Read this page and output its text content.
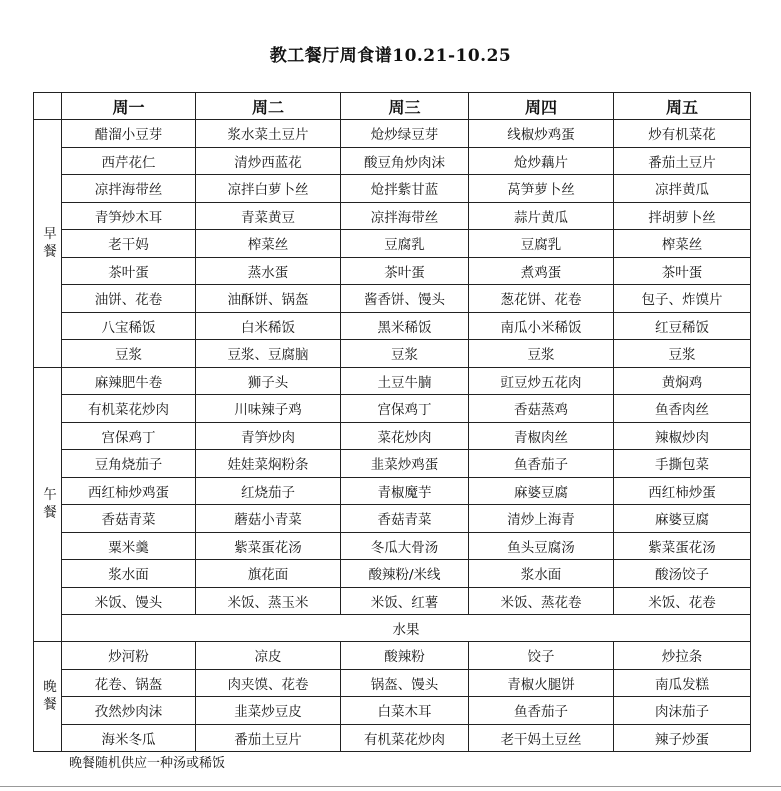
教工餐厅周食谱10.21-10.25
	周一	周二	周三	周四	周五
早餐	醋溜小豆芽	浆水菜土豆片	炝炒绿豆芽	线椒炒鸡蛋	炒有机菜花
	西芹花仁	清炒西蓝花	酸豆角炒肉沫	炝炒藕片	番茄土豆片
	凉拌海带丝	凉拌白萝卜丝	炝拌紫甘蓝	莴笋萝卜丝	凉拌黄瓜
	青笋炒木耳	青菜黄豆	凉拌海带丝	蒜片黄瓜	拌胡萝卜丝
	老干妈	榨菜丝	豆腐乳	豆腐乳	榨菜丝
	茶叶蛋	蒸水蛋	茶叶蛋	煮鸡蛋	茶叶蛋
	油饼、花卷	油酥饼、锅盔	酱香饼、馒头	葱花饼、花卷	包子、炸馍片
	八宝稀饭	白米稀饭	黑米稀饭	南瓜小米稀饭	红豆稀饭
	豆浆	豆浆、豆腐脑	豆浆	豆浆	豆浆
午餐	麻辣肥牛卷	狮子头	土豆牛腩	豇豆炒五花肉	黄焖鸡
	有机菜花炒肉	川味辣子鸡	宫保鸡丁	香菇蒸鸡	鱼香肉丝
	宫保鸡丁	青笋炒肉	菜花炒肉	青椒肉丝	辣椒炒肉
	豆角烧茄子	娃娃菜焖粉条	韭菜炒鸡蛋	鱼香茄子	手撕包菜
	西红柿炒鸡蛋	红烧茄子	青椒魔芋	麻婆豆腐	西红柿炒蛋
	香菇青菜	蘑菇小青菜	香菇青菜	清炒上海青	麻婆豆腐
	粟米羹	紫菜蛋花汤	冬瓜大骨汤	鱼头豆腐汤	紫菜蛋花汤
	浆水面	旗花面	酸辣粉/米线	浆水面	酸汤饺子
	米饭、馒头	米饭、蒸玉米	米饭、红薯	米饭、蒸花卷	米饭、花卷
	水果				
晚餐	炒河粉	凉皮	酸辣粉	饺子	炒拉条
	花卷、锅盔	肉夹馍、花卷	锅盔、馒头	青椒火腿饼	南瓜发糕
	孜然炒肉沫	韭菜炒豆皮	白菜木耳	鱼香茄子	肉沫茄子
	海米冬瓜	番茄土豆片	有机菜花炒肉	老干妈土豆丝	辣子炒蛋
晚餐随机供应一种汤或稀饭
